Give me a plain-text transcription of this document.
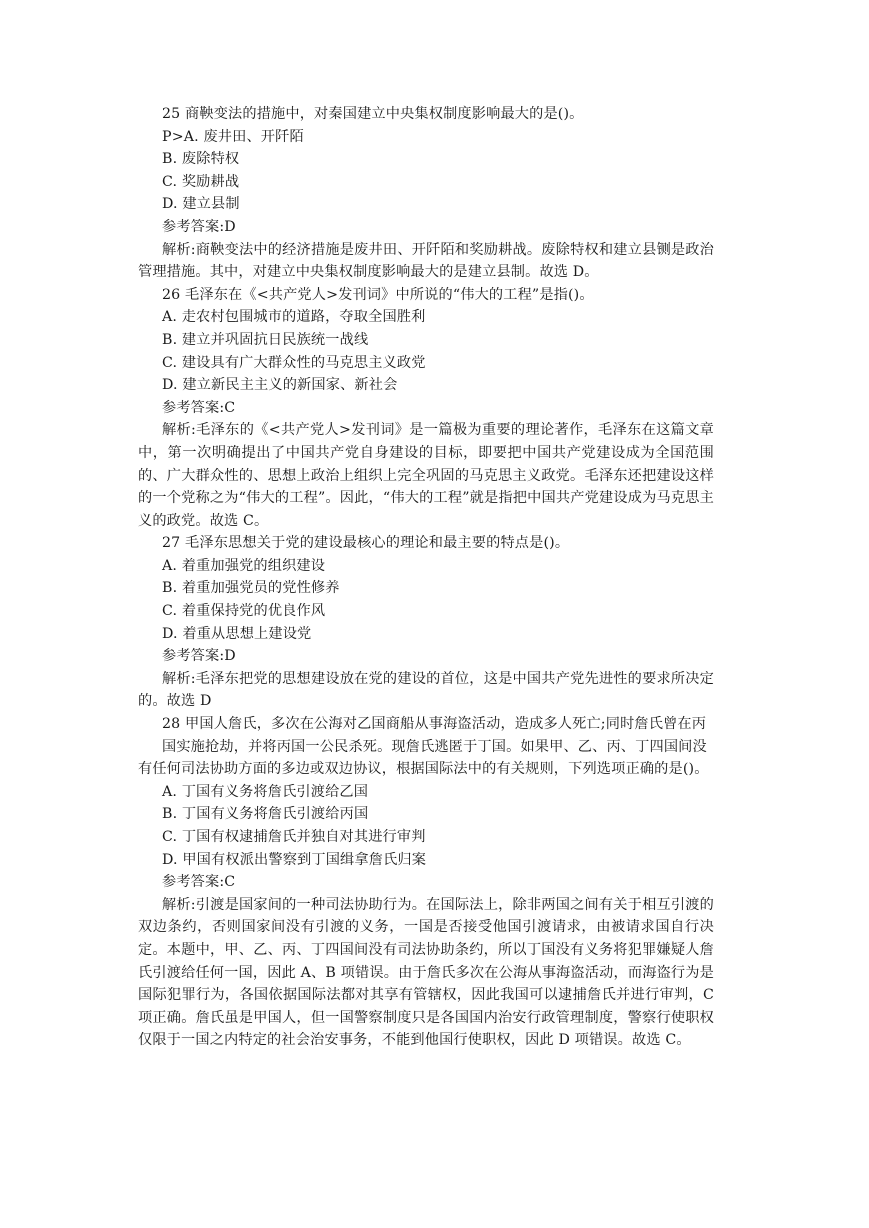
25 商鞅变法的措施中，对秦国建立中央集权制度影响最大的是()。

P>A. 废井田、开阡陌

B. 废除特权

C. 奖励耕战

D. 建立县制

参考答案:D

解析:商鞅变法中的经济措施是废井田、开阡陌和奖励耕战。废除特权和建立县铡是政治管理措施。其中，对建立中央集权制度影响最大的是建立县制。故选 D。

26 毛泽东在《<共产党人>发刊词》中所说的“伟大的工程”是指()。

A. 走农村包围城市的道路，夺取全国胜利

B. 建立并巩固抗日民族统一战线

C. 建设具有广大群众性的马克思主义政党

D. 建立新民主主义的新国家、新社会

参考答案:C

解析:毛泽东的《<共产党人>发刊词》是一篇极为重要的理论著作，毛泽东在这篇文章中，第一次明确提出了中国共产党自身建设的目标，即要把中国共产党建设成为全国范围的、广大群众性的、思想上政治上组织上完全巩固的马克思主义政党。毛泽东还把建设这样的一个党称之为“伟大的工程”。因此，“伟大的工程”就是指把中国共产党建设成为马克思主义的政党。故选 C。

27 毛泽东思想关于党的建设最核心的理论和最主要的特点是()。

A. 着重加强党的组织建设

B. 着重加强党员的党性修养

C. 着重保持党的优良作风

D. 着重从思想上建设党

参考答案:D

解析:毛泽东把党的思想建设放在党的建设的首位，这是中国共产党先进性的要求所决定的。故选 D

28 甲国人詹氏，多次在公海对乙国商船从事海盗活动，造成多人死亡;同时詹氏曾在丙

国实施抢劫，并将丙国一公民杀死。现詹氏逃匿于丁国。如果甲、乙、丙、丁四国间没

有任何司法协助方面的多边或双边协议，根据国际法中的有关规则，下列选项正确的是()。

A. 丁国有义务将詹氏引渡给乙国

B. 丁国有义务将詹氏引渡给丙国

C. 丁国有权逮捕詹氏并独自对其进行审判

D. 甲国有权派出警察到丁国缉拿詹氏归案

参考答案:C

解析:引渡是国家间的一种司法协助行为。在国际法上，除非两国之间有关于相互引渡的双边条约，否则国家间没有引渡的义务，一国是否接受他国引渡请求，由被请求国自行决定。本题中，甲、乙、丙、丁四国间没有司法协助条约，所以丁国没有义务将犯罪嫌疑人詹氏引渡给任何一国，因此 A、B 项错误。由于詹氏多次在公海从事海盗活动，而海盗行为是国际犯罪行为，各国依据国际法都对其享有管辖权，因此我国可以逮捕詹氏并进行审判，C 项正确。詹氏虽是甲国人，但一国警察制度只是各国国内治安行政管理制度，警察行使职权仅限于一国之内特定的社会治安事务，不能到他国行使职权，因此 D 项错误。故选 C。
